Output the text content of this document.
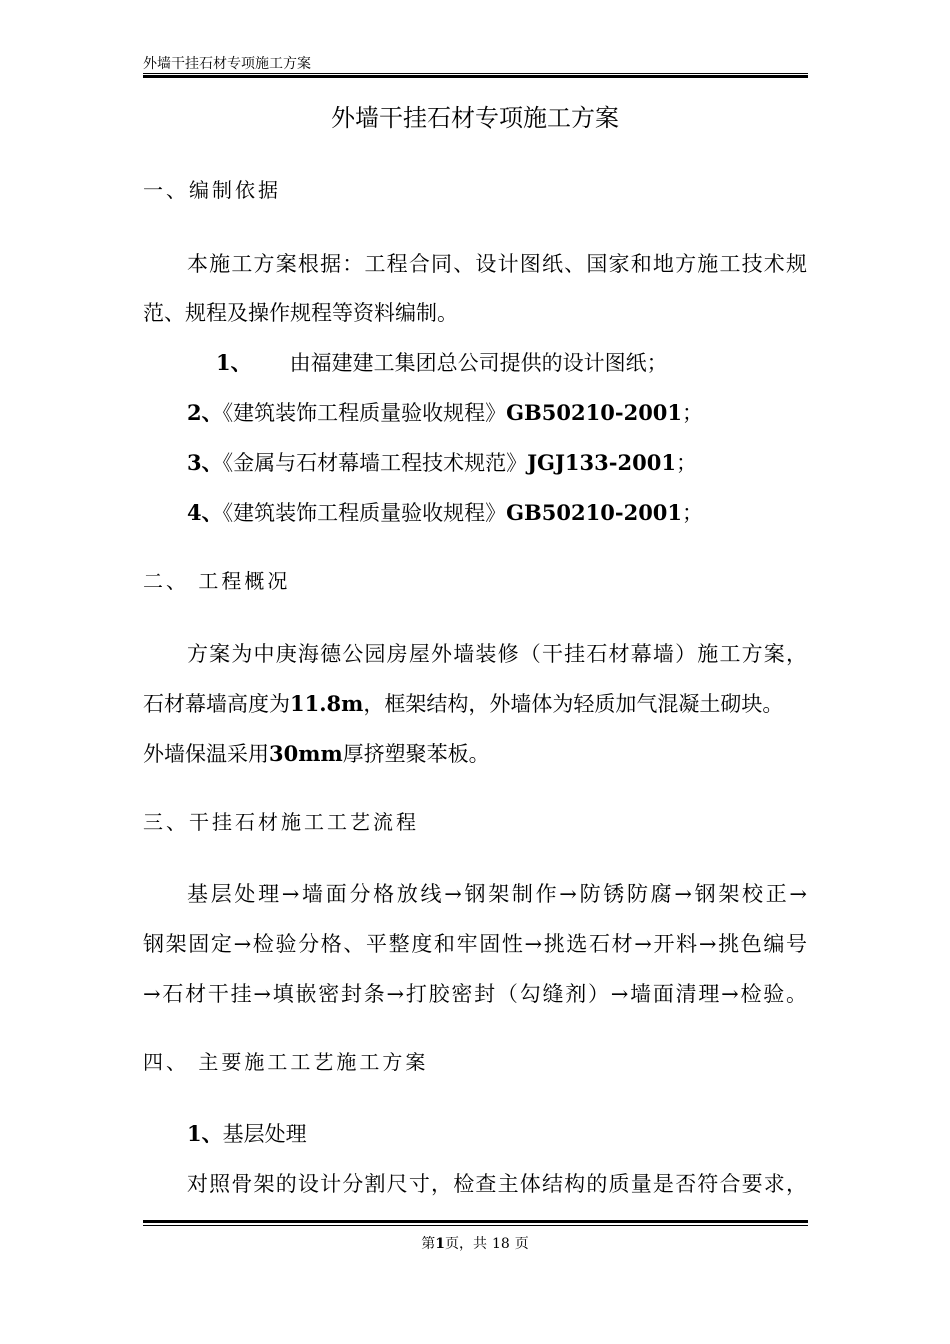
外墙干挂石材专项施工方案
外墙干挂石材专项施工方案
一、编制依据
本施工方案根据：工程合同、设计图纸、国家和地方施工技术规
范、规程及操作规程等资料编制。
1、 由福建建工集团总公司提供的设计图纸；
2、《建筑装饰工程质量验收规程》GB50210-2001；
3、《金属与石材幕墙工程技术规范》JGJ133-2001；
4、《建筑装饰工程质量验收规程》GB50210-2001；
二、 工程概况
方案为中庚海德公园房屋外墙装修（干挂石材幕墙）施工方案，
石材幕墙高度为11.8m，框架结构，外墙体为轻质加气混凝土砌块。
外墙保温采用30mm厚挤塑聚苯板。
三、干挂石材施工工艺流程
基层处理→墙面分格放线→钢架制作→防锈防腐→钢架校正→
钢架固定→检验分格、平整度和牢固性→挑选石材→开料→挑色编号
→石材干挂→填嵌密封条→打胶密封（勾缝剂）→墙面清理→检验。
四、 主要施工工艺施工方案
1、基层处理
对照骨架的设计分割尺寸，检查主体结构的质量是否符合要求，
第1页，共 18 页
